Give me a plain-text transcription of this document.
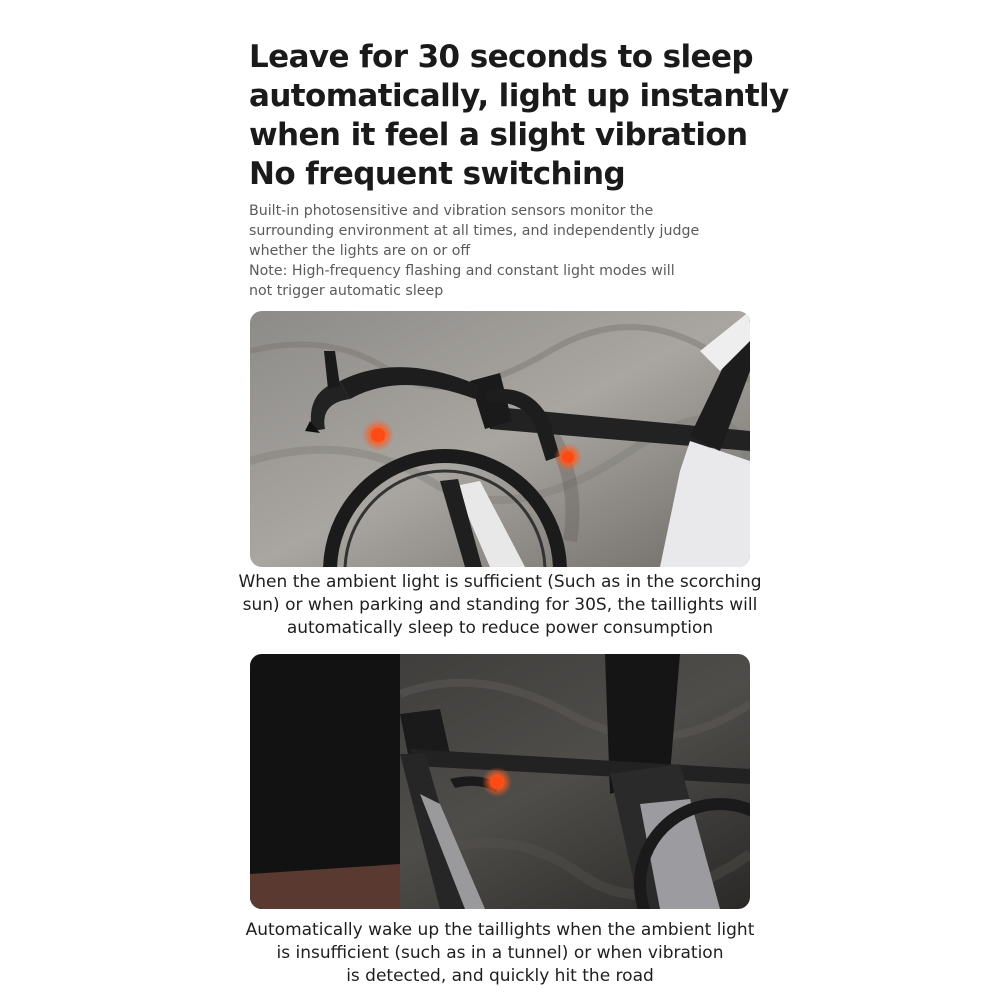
Leave for 30 seconds to sleep
automatically, light up instantly
when it feel a slight vibration
No frequent switching
Built-in photosensitive and vibration sensors monitor the
surrounding environment at all times, and independently judge
whether the lights are on or off
Note: High-frequency flashing and constant light modes will
not trigger automatic sleep
When the ambient light is sufficient (Such as in the scorching
sun) or when parking and standing for 30S, the taillights will
automatically sleep to reduce power consumption
Automatically wake up the taillights when the ambient light
is insufficient (such as in a tunnel) or when vibration
is detected, and quickly hit the road
